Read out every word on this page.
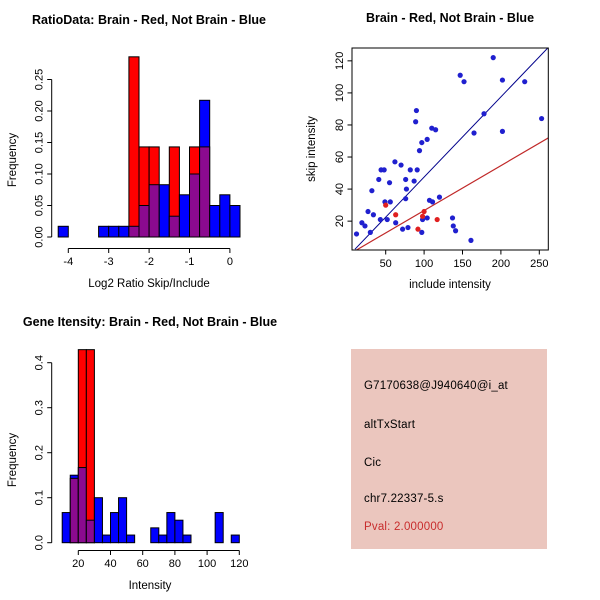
-4	-3	-2	-1	0
0.00
0.05
0.10
0.15
0.20
0.25
RatioData: Brain - Red, Not Brain - Blue
Log2 Ratio Skip/Include
Frequency
50 100 150 200 250
20
40
60
80
100
120
Brain - Red, Not Brain - Blue
include intensity
skip intensity
20 40 60 80 100 120
0.0
0.1
0.2
0.3
0.4
Gene Itensity: Brain - Red, Not Brain - Blue
Intensity
Frequency
G7170638@J940640@i_at
altTxStart
Cic
chr7.22337-5.s
Pval: 2.000000
